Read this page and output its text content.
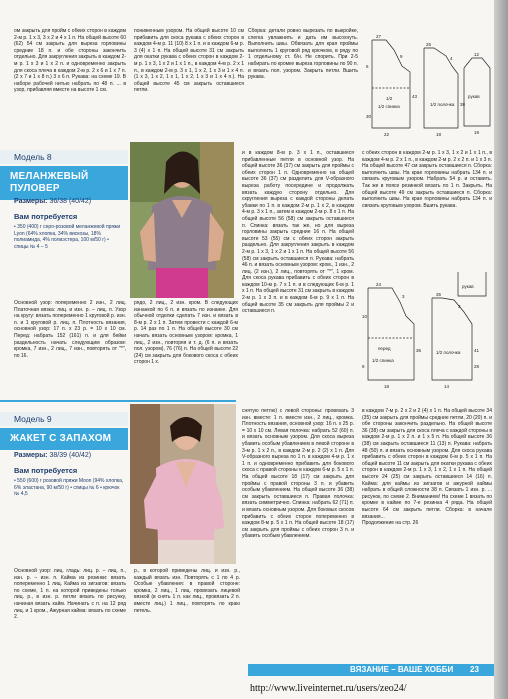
ом закрыть для пройм с обеих сторон в каждом 2-м р. 1 х 3, 3 х 2 и 4 х 1 п. На общей высоте 60 (62) 54 см закрыть для выреза горловины средние 18 п. и обе стороны закончить отдельно. Для закругления закрыть в каждом 2-м р. 1 х 3 и 1 х 2 п. и одновременно закрыть для скоса плеча в каждом 2-м р. 2 х 6 и 1 х 7 п. (2 х 7 и 1 х 8 п.) 3 х 6 п. Рукава: на схеме 19. В наборе рабочей нитью набрать по 48 п. ... в узор, прибавляя вместе на высоте 1 см.

пониженным узором. На общей высоте 10 см прибавить для скоса рукава с обеих сторон в каждом 4-м р. 11 (10) 8 х 1 п. и в каждом 6-м р. 3 (4) х 1 п. На общей высоте 31 см закрыть для окатки рукава с обеих сторон в каждом 2-м р. 1 х 3, 1 х 2 и 1 х 1 п., в каждом 4-м р. 2 х 1 п., в каждом 2-м р. 3 х 1, 1 х 2, 1 х 3 и 1 х 4 п. (1 х 3, 1 х 2, 1 х 1, 1 х 2, 1 х 3 и 1 х 4 п.). На общей высоте 45 см закрыть оставшиеся петли.

Сборка: детали ровно вырезать по выкройке, слегка увлажнить и дать им высохнуть. Выполнить швы. Обвязать для края проймы выполнить 1 круговой ряд крючком, в ряду по 1 отдельному ст. б/н. Не спорить. При 2-5 набирать по кромке выреза горловины по 90 п. и вязать пол. узором. Закрыть петли. Вшить рукава.

1/2
1/2 спинка	1/2 полочка
рукав
22	18
6
43
38
19
27
26
9	4
12
30
Модель 8
МЕЛАНЖЕВЫЙ ПУЛОВЕР
Размеры: 36/38 (40/42)
Вам потребуется
• 350 (400) г серо-розовой меланжевой пряжи Lyon (64% хлопка, 34% вискозы, 18% полиамида, 4% полиэстера, 100 м/50 г) • спицы № 4 – 5

Основной узор: попеременно 2 изн., 2 лиц. Платочная вязка: лиц. и изн. р. – лиц. п. Узор на кругу: вязать попеременно 1 круговой р. изн. п. и 1 круговой р. лиц. п. Плотность вязания, основной узор: 17 п. х 23 р. = 10 х 10 см. Перед: набрать 152 (161) п. и для бейки раздельность начать следующим образом: кромка, 7 изн., 2 лиц., 7 изн., повторять от "*", по 16.

рядо, 2 лиц., 2 изн. кром. В следующих изнанкой по 6 п. и вязать по изнанке. Для обычной отделки сделать 7 изн. и вязать в 8-м р. 2 х 1 п. Затем провести с каждой 6-м р. 14 раз по 1 п. На общей высоте 30 см начать вязать основным узором: кромка, 1 лиц., 2 изн., повторяя и т. д. (6 п. и вязать пол. узором), 76 (76) п. На общей высоте 22 (24) см закрыть для бокового скоса с обеих сторон 1 х.

и в каждом 8-м р. 3 х 1 п., оставшиеся прибавленные петли в основной узор. На общей высоте 36 (37) см закрыть для проймы с обеих сторон 1 п. Одновременно на общей высоте 36 (37) см разделить для V-образного выреза работу посередине и продолжать вязать каждую сторону отдельно. Для скругления выреза с каждой стороны делать убавки по 1 п. в каждом 2-м р. 1 х 2, в каждом 4-м р. 3 х 1 п., затем в каждом 2-м р. 8 х 1 п. На общей высоте 56 (58) см закрыть оставшиеся п. Спинка: вязать так же, но для выреза горловины закрыть средние 16 п. На общей высоте 53 (55) см с обеих сторон закрыть раздельно. Для закругления закрыть в каждом 2-м р. 1 х 3, 1 х 2 и 1 х 1 п. На общей высоте 56 (58) см закрыть оставшиеся п. Рукава: набрать 46 п. и вязать основным узором: кром., 1 изн., 2 лиц. (2 изн.), 2 лиц., повторять от "*", 1 кром. Для скоса рукава прибавить с обеих сторон в каждом 10-м р. 7 х 1 п. и в следующих 6-м р. 1 х 1 п. На общей высоте 31 см закрыть в каждом 2-м р. 1 х 3 п. и в каждом 6-м р. 9 х 1 п. На общей высоте 35 см закрыть для проймы 2 и оставшиеся п.

с обеих сторон в каждом 2-м р. 1 х 3, 1 х 2 и 1 х 1 п., в каждом 4-м р. 2 х 1 п., в каждом 2-м р. 2 х 2 п. и 1 х 3 п. На общей высоте 47 см закрыть оставшиеся п. Сборка: выполнить швы. На крае горловины набрать 134 п. и связать круговым узором. Набрать 54 р. и оставить. Так же в поясе резинкой вязать по 1 п. Закрыть. На общей высоте 49 см закрыть оставшиеся п. Сборка: выполнить швы. На крае горловины набрать 134 п. и связать круговым узором. Вшить рукава.

перед
1/2 спинка
1/2 полочка
рукав
18	14
10
36	41
24
35
3
3
9	28
Модель 9
ЖАКЕТ С ЗАПАХОМ
Размеры: 38/39 (40/42)
Вам потребуется
• 550 (600) г розовой пряжи Moon (94% хлопка, 6% эластана, 90 м/50 г) • спицы № 6 • крючок № 4,5

Основной узор: лиц. гладь: лиц. р. – лиц. п., изн. р. – изн. п. Кайма из резинки: вязать попеременно 1 лиц. Кайма из зигзагов: вязать по схеме, 1 п. на которой приведены только лиц. р., в изн. р. петли вязать по рисунку, начиная вязать кайм. Начинать с п. на 12 ряд лиц. и 1 кром., Ажурная кайма: вязать по схеме 2.

р., в которой приведены лиц. и изн. р., каждый вязать изн. Повторять с 1 по 4 р. Особые убавления: в правой стороне: кромка, 2 лиц., 1 лиц. провязать лицевой вязкой (в снять 1 п. как лиц., провязать 2 п. вместе лиц.) 1 лиц., повторять по краю петель.

снятую петлю) с левой стороны: провязать 3 изн. вместе: 1 п. вместе изн., 2 лиц., кромка. Плотность вязания, основной узор: 16 п. х 25 р. = 10 х 10 см. Левая полочка: набрать 52 (60) п. и вязать основным узором. Для скоса выреза убавить особым убавлением в левой стороне в 3-м р. 1 х 2 п., в каждом 2-м р. 2 (2) х 1 п. Для V-образного выреза по 1 п. в каждом 4-м р. 1 х 1 п. и одновременно прибавить для бокового скоса с правой стороны в каждом 6-м р. 5 х 1 п. На общей высоте 18 (17) см закрыть для проймы с правой стороны 3 п. и убавить особым убавлением. На общей высоте 36 (38) см закрыть оставшиеся п. Правая полочка: вязать симметрично. Спинка: набрать 62 (71) п. и вязать основным узором. Для боковых скосов прибавить с обеих сторон попеременно в каждом 8-м р. 5 х 1 п. На общей высоте 18 (17) см закрыть для проймы с обеих сторон 3 п. и убавить особым убавлением.

в каждом 7-м р. 2 х 2 и 2 (4) х 1 п. На общей высоте 34 (35) см закрыть для проймы средние петли, 20 (20) п. и обе стороны закончить раздельно. На общей высоте 36 (38) см закрыть для скоса плеча с каждой стороны в каждом 2-м р. 1 х 2 п. и 1 х 5 п. На общей высоте 36 (38) см закрыть оставшиеся 11 (13) п. Рукава: набрать 48 (50) п. и вязать основным узором. Для скоса рукава прибавить с обеих сторон в каждом 6-м р. 5 х 1 п. На общей высоте 11 см закрыть для окатки рукава с обеих сторон в каждом 2-м р. 1 х 3, 1 х 2, 1 х 1 п. На общей высоте 24 (25) см закрыть оставшиеся 14 (16) п. Кайма: для каймы из зигзагов и ажурной каймы набрать в общей сложности 38 п. Связать 1 изн. р. ... рисунок, по схеме 2. Вниманием! На схеме 1 вязать по кромке в кайме по 7-е резинка 4 ряда. На общей высоте 64 см закрыть петли. Сборка: в начале вязания...
Продолжение на стр. 26

ВЯЗАНИЕ – ВАШЕ ХОББИ 23
http://www.liveinternet.ru/users/zeo24/
